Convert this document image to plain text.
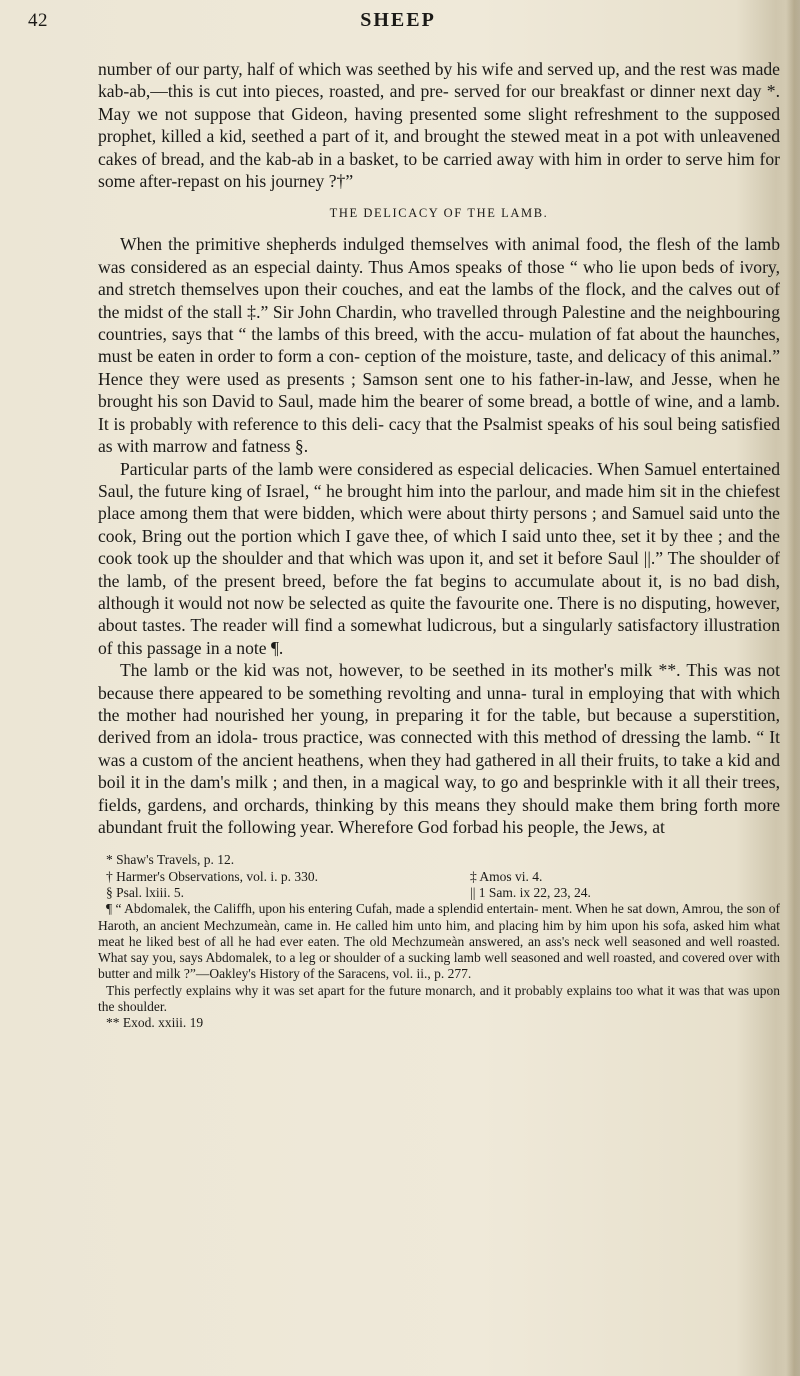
42	SHEEP

number of our party, half of which was seethed by his wife and served up, and the rest was made kab-ab,—this is cut into pieces, roasted, and pre- served for our breakfast or dinner next day *. May we not suppose that Gideon, having presented some slight refreshment to the supposed prophet, killed a kid, seethed a part of it, and brought the stewed meat in a pot with unleavened cakes of bread, and the kab-ab in a basket, to be carried away with him in order to serve him for some after-repast on his journey ?†”

THE DELICACY OF THE LAMB.

When the primitive shepherds indulged themselves with animal food, the flesh of the lamb was considered as an especial dainty. Thus Amos speaks of those “ who lie upon beds of ivory, and stretch themselves upon their couches, and eat the lambs of the flock, and the calves out of the midst of the stall ‡.” Sir John Chardin, who travelled through Palestine and the neighbouring countries, says that “ the lambs of this breed, with the accu- mulation of fat about the haunches, must be eaten in order to form a con- ception of the moisture, taste, and delicacy of this animal.” Hence they were used as presents ; Samson sent one to his father-in-law, and Jesse, when he brought his son David to Saul, made him the bearer of some bread, a bottle of wine, and a lamb. It is probably with reference to this deli- cacy that the Psalmist speaks of his soul being satisfied as with marrow and fatness §.

Particular parts of the lamb were considered as especial delicacies. When Samuel entertained Saul, the future king of Israel, “ he brought him into the parlour, and made him sit in the chiefest place among them that were bidden, which were about thirty persons ; and Samuel said unto the cook, Bring out the portion which I gave thee, of which I said unto thee, set it by thee ; and the cook took up the shoulder and that which was upon it, and set it before Saul ||.” The shoulder of the lamb, of the present breed, before the fat begins to accumulate about it, is no bad dish, although it would not now be selected as quite the favourite one. There is no disputing, however, about tastes. The reader will find a somewhat ludicrous, but a singularly satisfactory illustration of this passage in a note ¶.

The lamb or the kid was not, however, to be seethed in its mother's milk **. This was not because there appeared to be something revolting and unna- tural in employing that with which the mother had nourished her young, in preparing it for the table, but because a superstition, derived from an idola- trous practice, was connected with this method of dressing the lamb. “ It was a custom of the ancient heathens, when they had gathered in all their fruits, to take a kid and boil it in the dam's milk ; and then, in a magical way, to go and besprinkle with it all their trees, fields, gardens, and orchards, thinking by this means they should make them bring forth more abundant fruit the following year. Wherefore God forbad his people, the Jews, at

* Shaw's Travels, p. 12.

† Harmer's Observations, vol. i. p. 330.	‡ Amos vi. 4.
§ Psal. lxiii. 5.	|| 1 Sam. ix 22, 23, 24.

¶ “ Abdomalek, the Califfh, upon his entering Cufah, made a splendid entertain- ment. When he sat down, Amrou, the son of Haroth, an ancient Mechzumeàn, came in. He called him unto him, and placing him by him upon his sofa, asked him what meat he liked best of all he had ever eaten. The old Mechzumeàn answered, an ass's neck well seasoned and well roasted. What say you, says Abdomalek, to a leg or shoulder of a sucking lamb well seasoned and well roasted, and covered over with butter and milk ?”—Oakley's History of the Saracens, vol. ii., p. 277.

This perfectly explains why it was set apart for the future monarch, and it probably explains too what it was that was upon the shoulder.

** Exod. xxiii. 19
